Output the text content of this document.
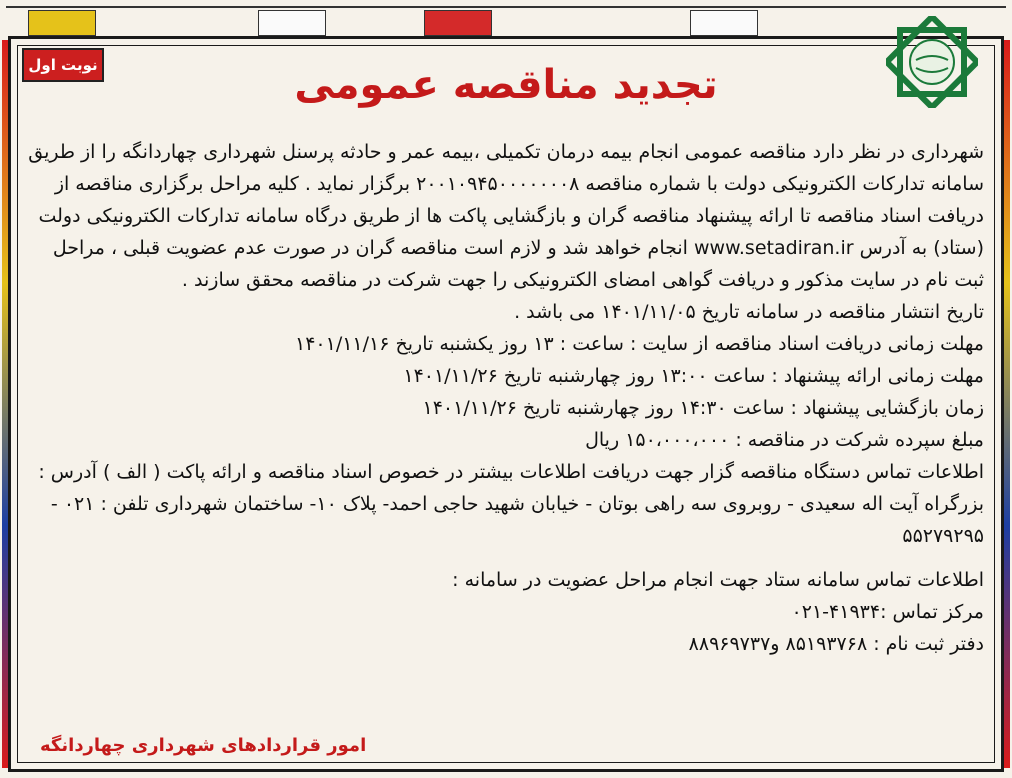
نوبت اول	تجدید مناقصه عمومی

شهرداری در نظر دارد مناقصه عمومی انجام بیمه درمان تکمیلی ،بیمه عمر و حادثه پرسنل شهرداری چهاردانگه را از طریق سامانه تدارکات الکترونیکی دولت با شماره مناقصه ۲۰۰۱۰۹۴۵۰۰۰۰۰۰۰۸ برگزار نماید . کلیه مراحل برگزاری مناقصه از دریافت اسناد مناقصه تا ارائه پیشنهاد مناقصه گران و بازگشایی پاکت ها از طریق درگاه سامانه تدارکات الکترونیکی دولت (ستاد) به آدرس www.setadiran.ir انجام خواهد شد و لازم است مناقصه گران در صورت عدم عضویت قبلی ، مراحل ثبت نام در سایت مذکور و دریافت گواهی امضای الکترونیکی را جهت شرکت در مناقصه محقق سازند .

تاریخ انتشار مناقصه در سامانه تاریخ ۱۴۰۱/۱۱/۰۵ می باشد .

مهلت زمانی دریافت اسناد مناقصه از سایت : ساعت : ۱۳ روز یکشنبه تاریخ ۱۴۰۱/۱۱/۱۶

مهلت زمانی ارائه پیشنهاد : ساعت ۱۳:۰۰ روز چهارشنبه تاریخ ۱۴۰۱/۱۱/۲۶

زمان بازگشایی پیشنهاد : ساعت ۱۴:۳۰ روز چهارشنبه تاریخ ۱۴۰۱/۱۱/۲۶

مبلغ سپرده شرکت در مناقصه : ۱۵۰،۰۰۰،۰۰۰ ریال

اطلاعات تماس دستگاه مناقصه گزار جهت دریافت اطلاعات بیشتر در خصوص اسناد مناقصه و ارائه پاکت ( الف ) آدرس : بزرگراه آیت اله سعیدی - روبروی سه راهی بوتان - خیابان شهید حاجی احمد- پلاک ۱۰- ساختمان شهرداری تلفن : ۰۲۱ - ۵۵۲۷۹۲۹۵

اطلاعات تماس سامانه ستاد جهت انجام مراحل عضویت در سامانه :

مرکز تماس :۴۱۹۳۴-۰۲۱

دفتر ثبت نام : ۸۵۱۹۳۷۶۸ و۸۸۹۶۹۷۳۷

امور قراردادهای شهرداری چهاردانگه
